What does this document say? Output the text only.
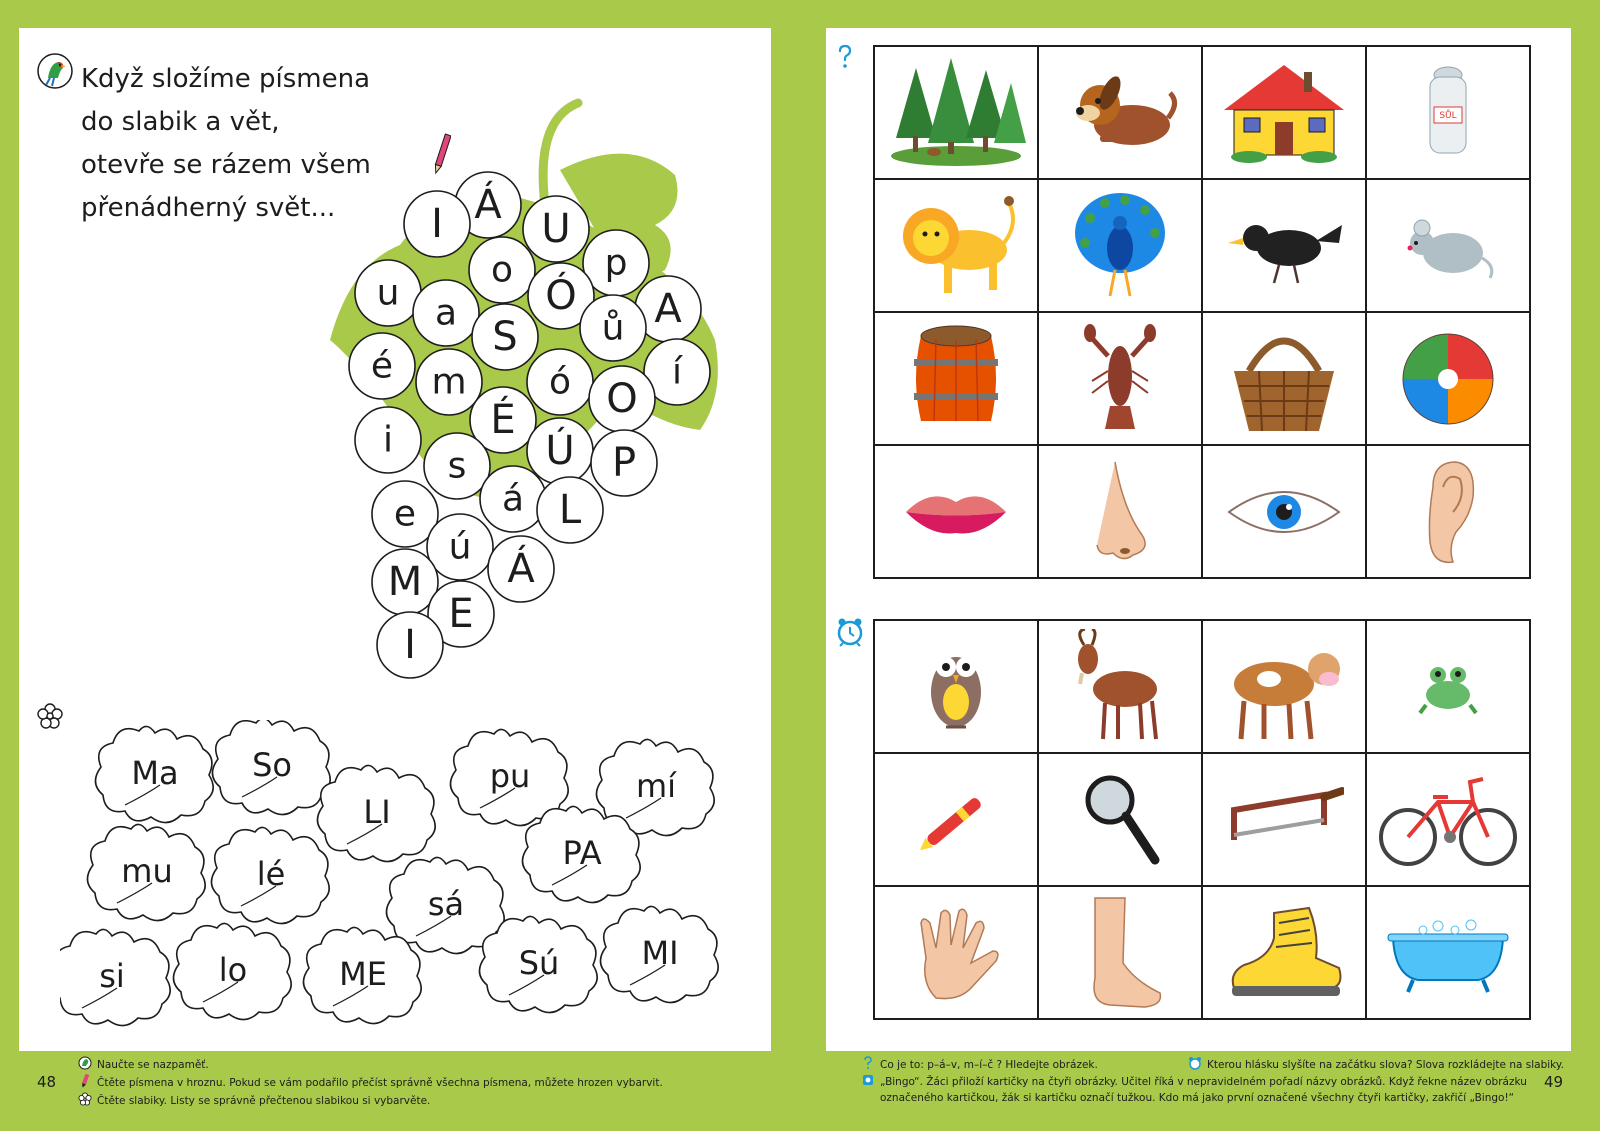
Když složíme písmena
do slabik a vět,
otevře se rázem všem
přenádherný svět...	Á
U
I
p
o
u a Ó A
S ů
é m ó	í
O
i É
Ú P
s
á
e	L
ú
M Á
E
I
Ma So	pu	mí
LI
mu	lé
PA
sá
si	lo	ME	Sú	MI
48
Naučte se nazpaměť.
Čtěte písmena v hroznu. Pokud se vám podařilo přečíst správně všechna písmena, můžete hrozen vybarvit.
Čtěte slabiky. Listy se správně přečtenou slabikou si vybarvěte.

SŮL

49
Co je to: p–á–v, m–í–č ? Hledejte obrázek.	Kterou hlásku slyšíte na začátku slova? Slova rozkládejte na slabiky.
„Bingo“. Žáci přiloží kartičky na čtyři obrázky. Učitel říká v nepravidelném pořadí názvy obrázků. Když řekne název obrázku
označeného kartičkou, žák si kartičku označí tužkou. Kdo má jako první označené všechny čtyři kartičky, zakřičí „Bingo!“
